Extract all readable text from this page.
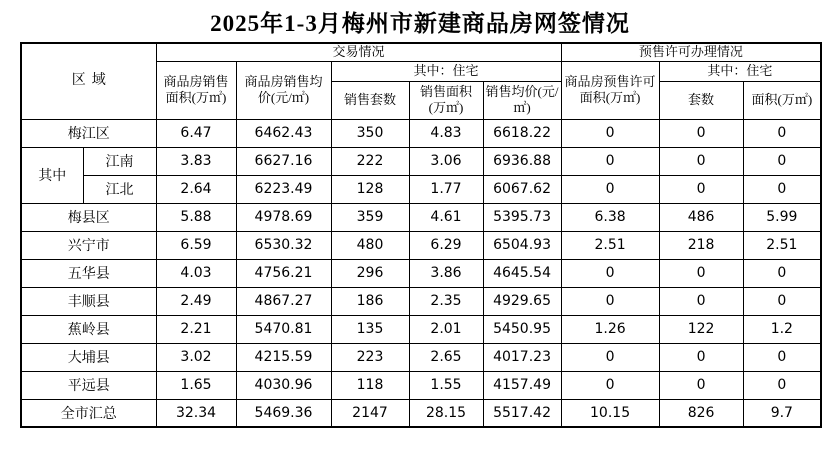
2025年1-3月梅州市新建商品房网签情况
区域		交易情况					预售许可办理情况		
		商品房销售面积(万㎡)	商品房销售均价(元/㎡)	其中：住宅			商品房预售许可面积(万㎡)	其中：住宅	
				销售套数	销售面积(万㎡)	销售均价(元/㎡)		套数	面积(万㎡)
梅江区		6.47	6462.43	350	4.83	6618.22	0	0	0
其中	江南	3.83	6627.16	222	3.06	6936.88	0	0	0
	江北	2.64	6223.49	128	1.77	6067.62	0	0	0
梅县区		5.88	4978.69	359	4.61	5395.73	6.38	486	5.99
兴宁市		6.59	6530.32	480	6.29	6504.93	2.51	218	2.51
五华县		4.03	4756.21	296	3.86	4645.54	0	0	0
丰顺县		2.49	4867.27	186	2.35	4929.65	0	0	0
蕉岭县		2.21	5470.81	135	2.01	5450.95	1.26	122	1.2
大埔县		3.02	4215.59	223	2.65	4017.23	0	0	0
平远县		1.65	4030.96	118	1.55	4157.49	0	0	0
全市汇总		32.34	5469.36	2147	28.15	5517.42	10.15	826	9.7
